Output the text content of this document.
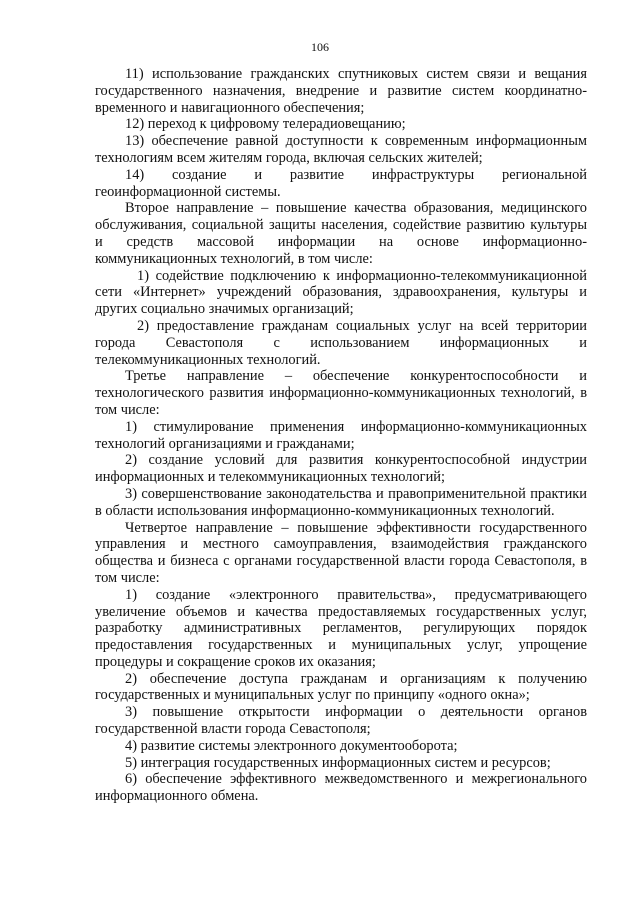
106

11) использование гражданских спутниковых систем связи и вещания государственного назначения, внедрение и развитие систем координатно-временного и навигационного обеспечения;

12) переход к цифровому телерадиовещанию;

13) обеспечение равной доступности к современным информационным технологиям всем жителям города, включая сельских жителей;

14) создание и развитие инфраструктуры региональной геоинформационной системы.

Второе направление – повышение качества образования, медицинского обслуживания, социальной защиты населения, содействие развитию культуры и средств массовой информации на основе информационно-коммуникационных технологий, в том числе:

1) содействие подключению к информационно-телекоммуникационной сети «Интернет» учреждений образования, здравоохранения, культуры и других социально значимых организаций;

2) предоставление гражданам социальных услуг на всей территории города Севастополя с использованием информационных и телекоммуникационных технологий.

Третье направление – обеспечение конкурентоспособности и технологического развития информационно-коммуникационных технологий, в том числе:

1) стимулирование применения информационно-коммуникационных технологий организациями и гражданами;

2) создание условий для развития конкурентоспособной индустрии информационных и телекоммуникационных технологий;

3) совершенствование законодательства и правоприменительной практики в области использования информационно-коммуникационных технологий.

Четвертое направление – повышение эффективности государственного управления и местного самоуправления, взаимодействия гражданского общества и бизнеса с органами государственной власти города Севастополя, в том числе:

1) создание «электронного правительства», предусматривающего увеличение объемов и качества предоставляемых государственных услуг, разработку административных регламентов, регулирующих порядок предоставления государственных и муниципальных услуг, упрощение процедуры и сокращение сроков их оказания;

2) обеспечение доступа гражданам и организациям к получению государственных и муниципальных услуг по принципу «одного окна»;

3) повышение открытости информации о деятельности органов государственной власти города Севастополя;

4) развитие системы электронного документооборота;

5) интеграция государственных информационных систем и ресурсов;

6) обеспечение эффективного межведомственного и межрегионального информационного обмена.
